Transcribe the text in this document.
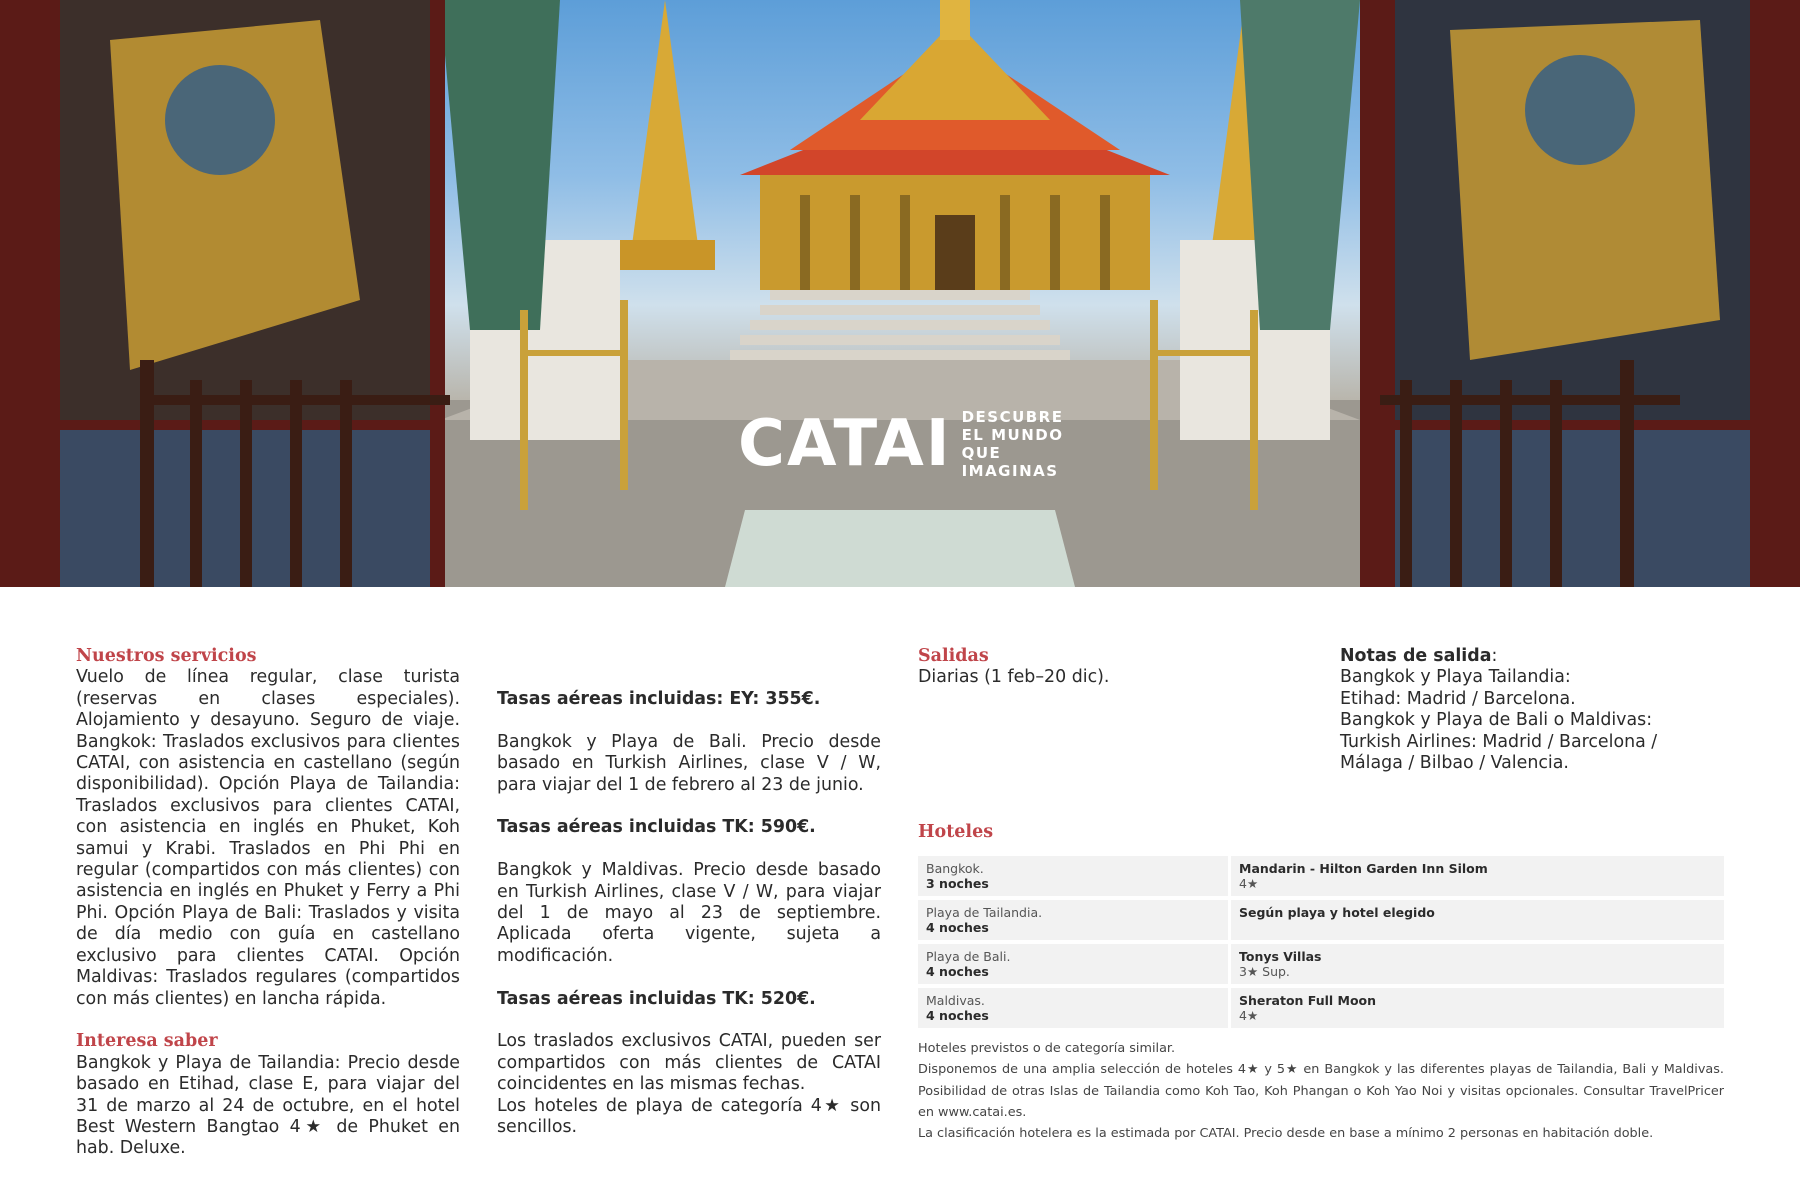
CATAI DESCUBRE EL MUNDO QUE IMAGINAS

Nuestros servicios

Vuelo de línea regular, clase turista (reservas en clases especiales). Alojamiento y desayuno. Seguro de viaje. Bangkok: Traslados exclusivos para clientes CATAI, con asistencia en castellano (según disponibilidad). Opción Playa de Tailandia: Traslados exclusivos para clientes CATAI, con asistencia en inglés en Phuket, Koh samui y Krabi. Traslados en Phi Phi en regular (compartidos con más clientes) con asistencia en inglés en Phuket y Ferry a Phi Phi. Opción Playa de Bali: Traslados y visita de día medio con guía en castellano exclusivo para clientes CATAI. Opción Maldivas: Traslados regulares (compartidos con más clientes) en lancha rápida.

Interesa saber

Bangkok y Playa de Tailandia: Precio desde basado en Etihad, clase E, para viajar del 31 de marzo al 24 de octubre, en el hotel Best Western Bangtao 4★ de Phuket en hab. Deluxe.

Tasas aéreas incluidas: EY: 355€.

Bangkok y Playa de Bali. Precio desde basado en Turkish Airlines, clase V / W, para viajar del 1 de febrero al 23 de junio.

Tasas aéreas incluidas TK: 590€.

Bangkok y Maldivas. Precio desde basado en Turkish Airlines, clase V / W, para viajar del 1 de mayo al 23 de septiembre. Aplicada oferta vigente, sujeta a modificación.

Tasas aéreas incluidas TK: 520€.

Los traslados exclusivos CATAI, pueden ser compartidos con más clientes de CATAI coincidentes en las mismas fechas.

Los hoteles de playa de categoría 4★ son sencillos.

Salidas

Diarias (1 feb–20 dic).

Notas de salida:

Bangkok y Playa Tailandia:

Etihad: Madrid / Barcelona.

Bangkok y Playa de Bali o Maldivas:

Turkish Airlines: Madrid / Barcelona / Málaga / Bilbao / Valencia.

Hoteles

Bangkok.
3 noches
Mandarin - Hilton Garden Inn Silom
4★
Playa de Tailandia.
4 noches
Según playa y hotel elegido
Playa de Bali.
4 noches
Tonys Villas
3★ Sup.
Maldivas.
4 noches
Sheraton Full Moon
4★

Hoteles previstos o de categoría similar.

Disponemos de una amplia selección de hoteles 4★ y 5★ en Bangkok y las diferentes playas de Tailandia, Bali y Maldivas. Posibilidad de otras Islas de Tailandia como Koh Tao, Koh Phangan o Koh Yao Noi y visitas opcionales. Consultar TravelPricer en www.catai.es.

La clasificación hotelera es la estimada por CATAI. Precio desde en base a mínimo 2 personas en habitación doble.
